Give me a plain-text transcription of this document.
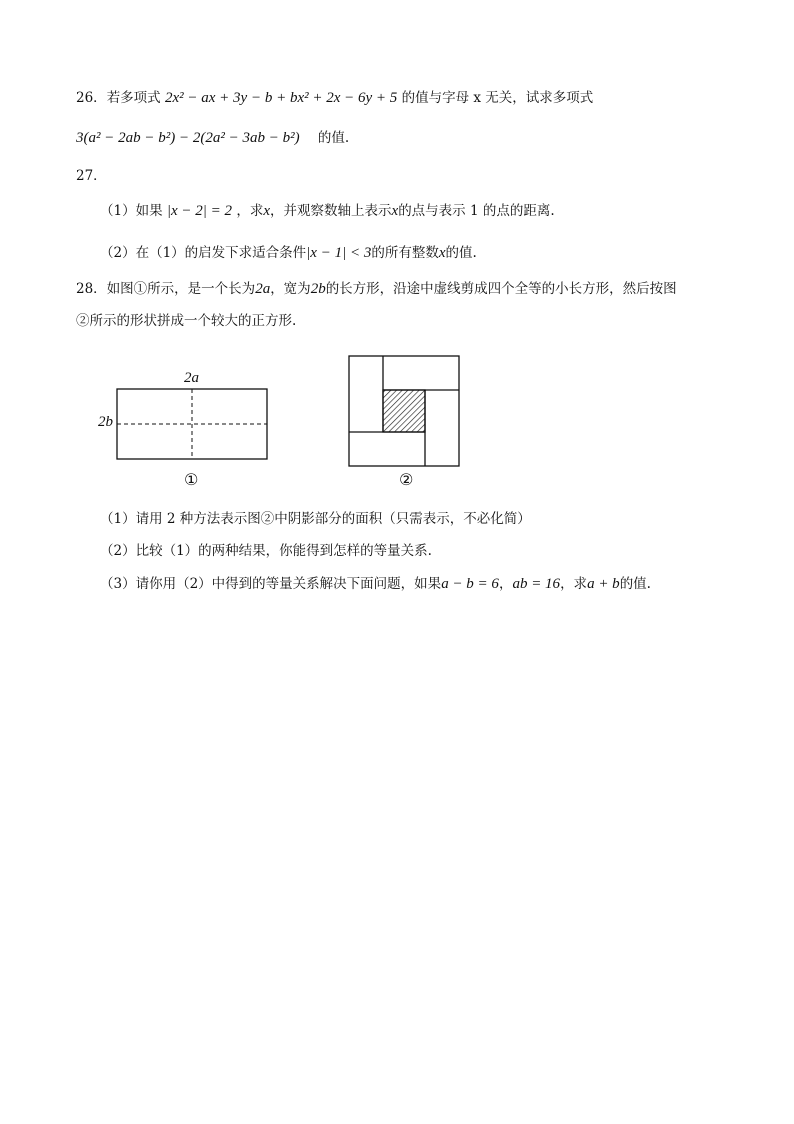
26．若多项式 2x² − ax + 3y − b + bx² + 2x − 6y + 5 的值与字母 x 无关，试求多项式
3(a² − 2ab − b²) − 2(2a² − 3ab − b²) 的值.
27．
（1）如果 |x − 2| = 2 ，求x，并观察数轴上表示x的点与表示 1 的点的距离.
（2）在（1）的启发下求适合条件|x − 1| < 3的所有整数x的值.
28．如图①所示，是一个长为2a，宽为2b的长方形，沿途中虚线剪成四个全等的小长方形，然后按图
②所示的形状拼成一个较大的正方形.
2a
2b
①	②
（1）请用 2 种方法表示图②中阴影部分的面积（只需表示，不必化简）
（2）比较（1）的两种结果，你能得到怎样的等量关系.
（3）请你用（2）中得到的等量关系解决下面问题，如果a − b = 6，ab = 16，求a + b的值.
